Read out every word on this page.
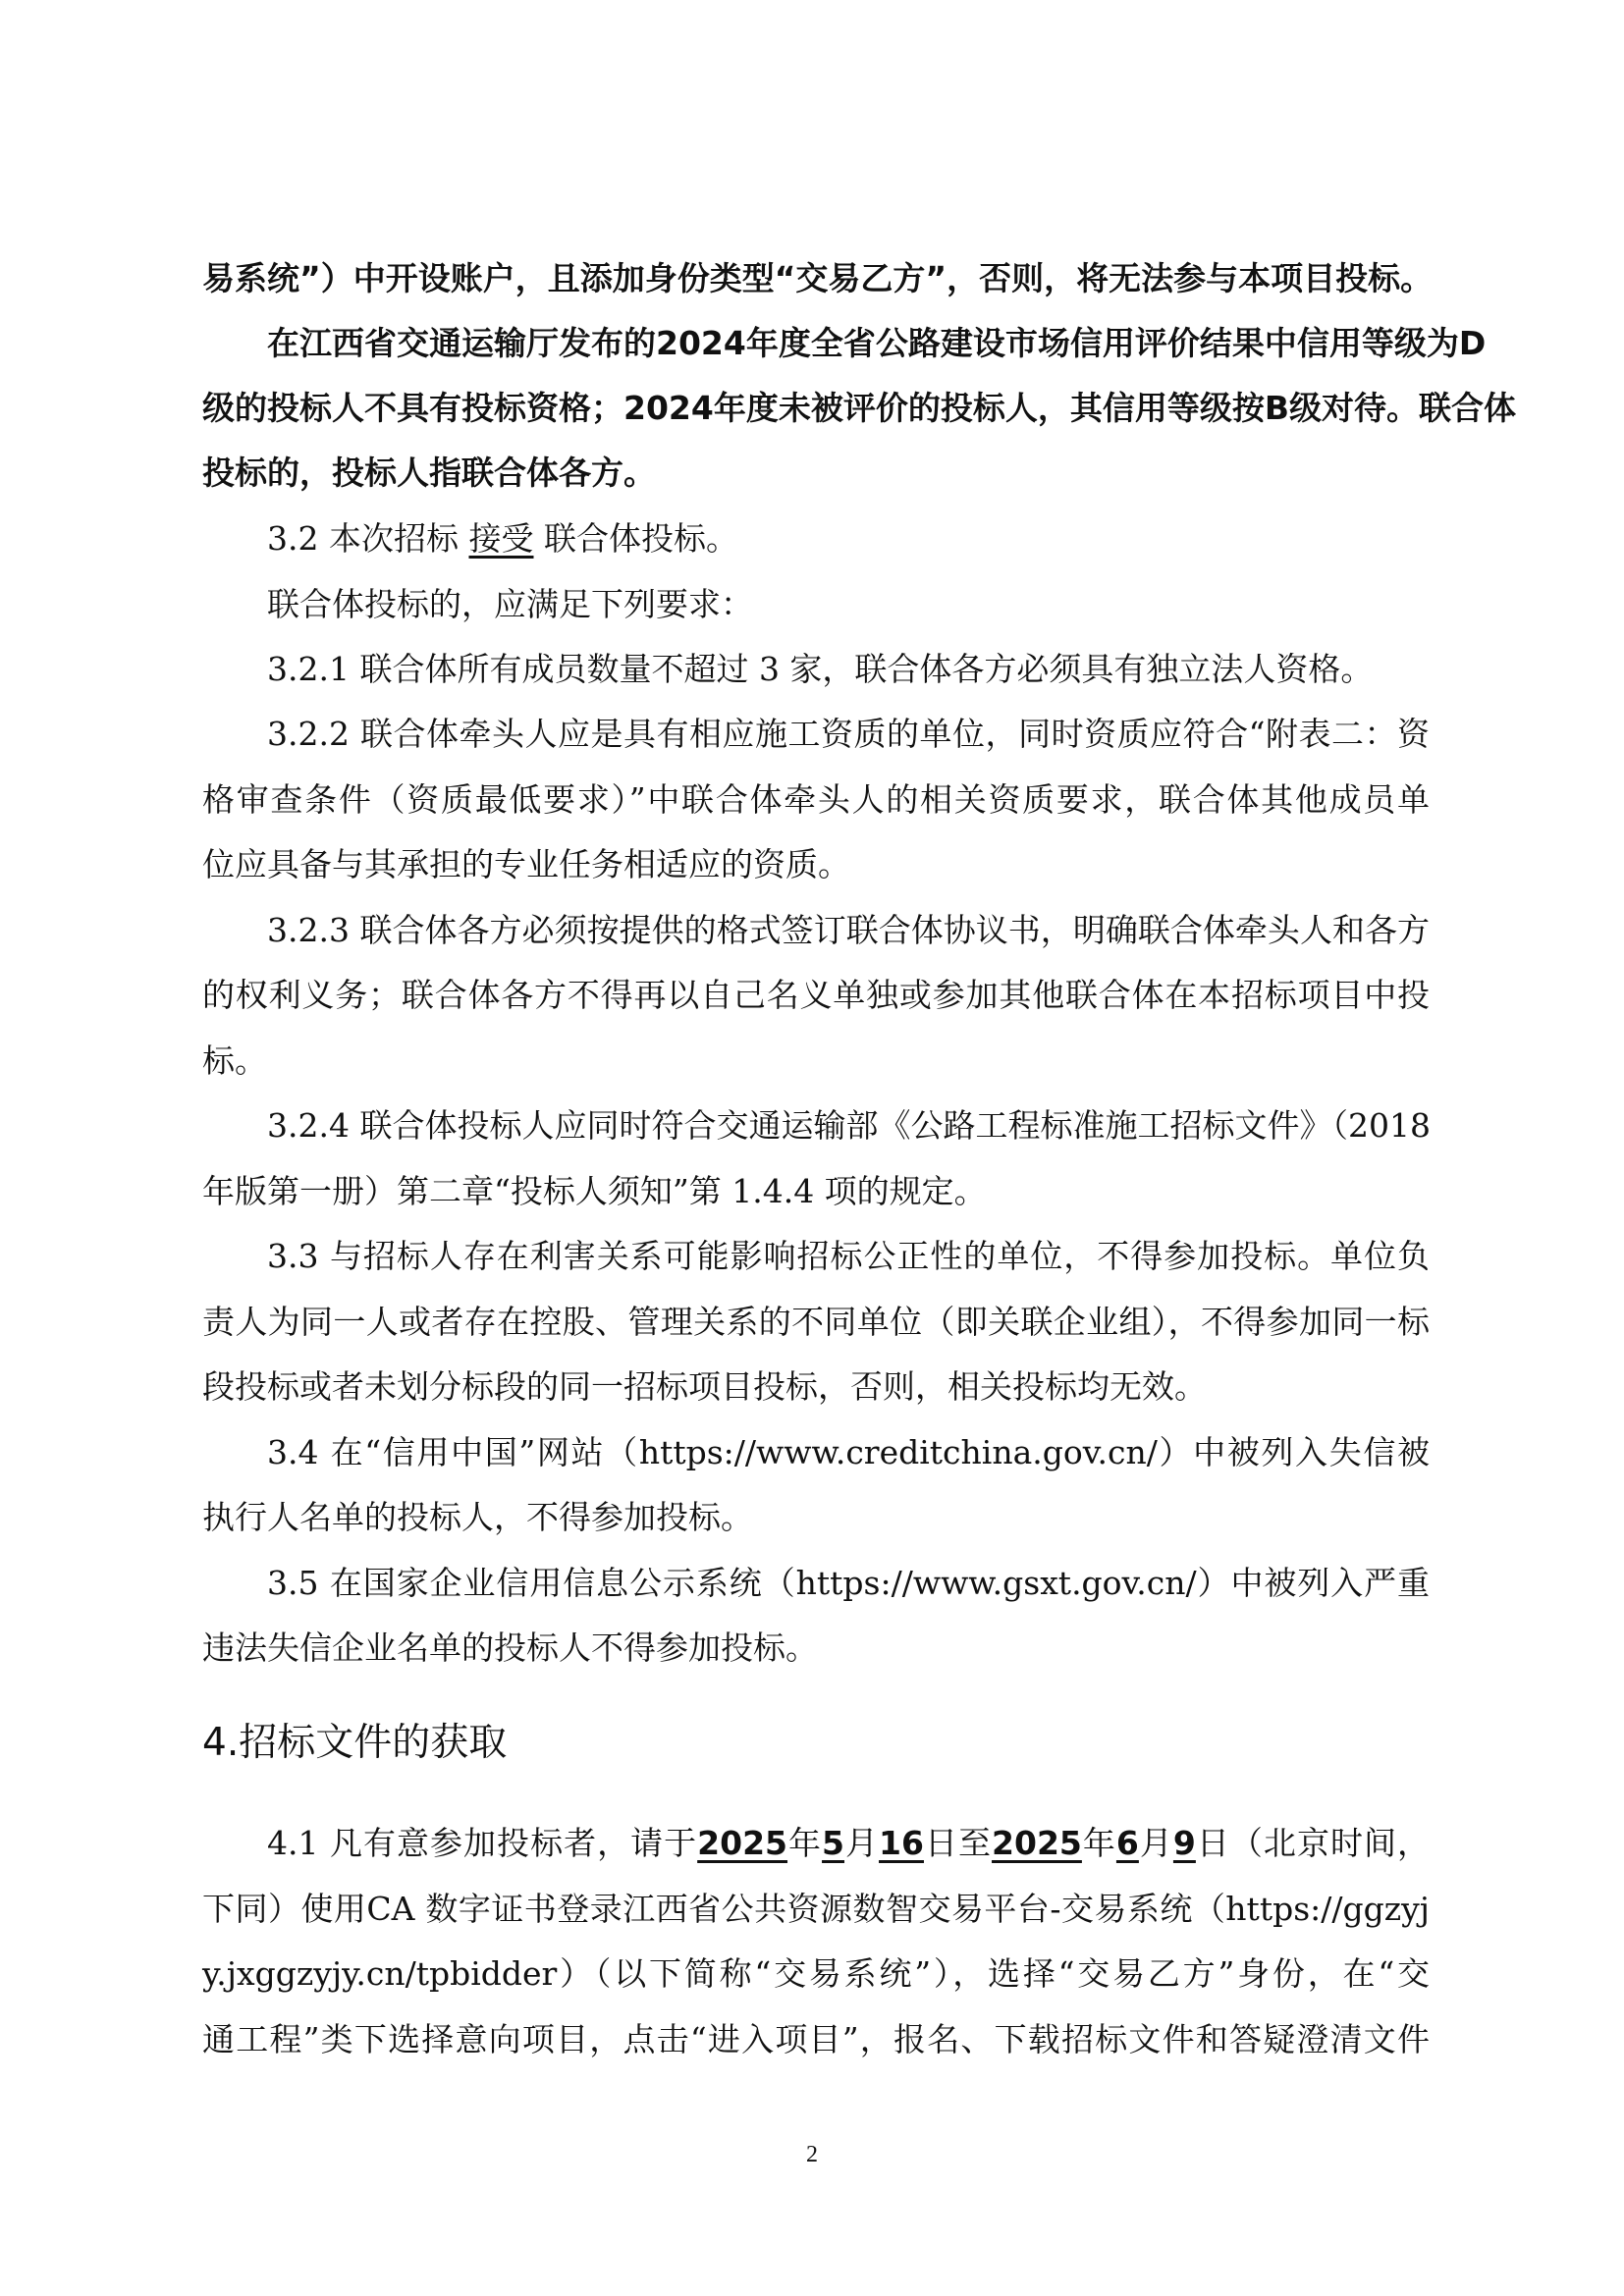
易系统”）中开设账户，且添加身份类型“交易乙方”，否则，将无法参与本项目投标。

在江西省交通运输厅发布的2024年度全省公路建设市场信用评价结果中信用等级为D

级的投标人不具有投标资格；2024年度未被评价的投标人，其信用等级按B级对待。联合体

投标的，投标人指联合体各方。

3.2 本次招标 接受 联合体投标。

联合体投标的，应满足下列要求：

3.2.1 联合体所有成员数量不超过 3 家，联合体各方必须具有独立法人资格。

3.2.2 联合体牵头人应是具有相应施工资质的单位，同时资质应符合“附表二：资

格审查条件（资质最低要求）”中联合体牵头人的相关资质要求，联合体其他成员单

位应具备与其承担的专业任务相适应的资质。

3.2.3 联合体各方必须按提供的格式签订联合体协议书，明确联合体牵头人和各方

的权利义务；联合体各方不得再以自己名义单独或参加其他联合体在本招标项目中投

标。

3.2.4 联合体投标人应同时符合交通运输部《公路工程标准施工招标文件》（2018

年版第一册）第二章“投标人须知”第 1.4.4 项的规定。

3.3 与招标人存在利害关系可能影响招标公正性的单位，不得参加投标。单位负

责人为同一人或者存在控股、管理关系的不同单位（即关联企业组），不得参加同一标

段投标或者未划分标段的同一招标项目投标，否则，相关投标均无效。

3.4 在“信用中国”网站（https://www.creditchina.gov.cn/）中被列入失信被

执行人名单的投标人，不得参加投标。

3.5 在国家企业信用信息公示系统（https://www.gsxt.gov.cn/）中被列入严重

违法失信企业名单的投标人不得参加投标。

4.招标文件的获取

4.1 凡有意参加投标者，请于2025年5月16日至2025年6月9日（北京时间，

下同）使用CA 数字证书登录江西省公共资源数智交易平台-交易系统（https://ggzyj

y.jxggzyjy.cn/tpbidder）（以下简称“交易系统”），选择“交易乙方”身份，在“交

通工程”类下选择意向项目，点击“进入项目”，报名、下载招标文件和答疑澄清文件

2
